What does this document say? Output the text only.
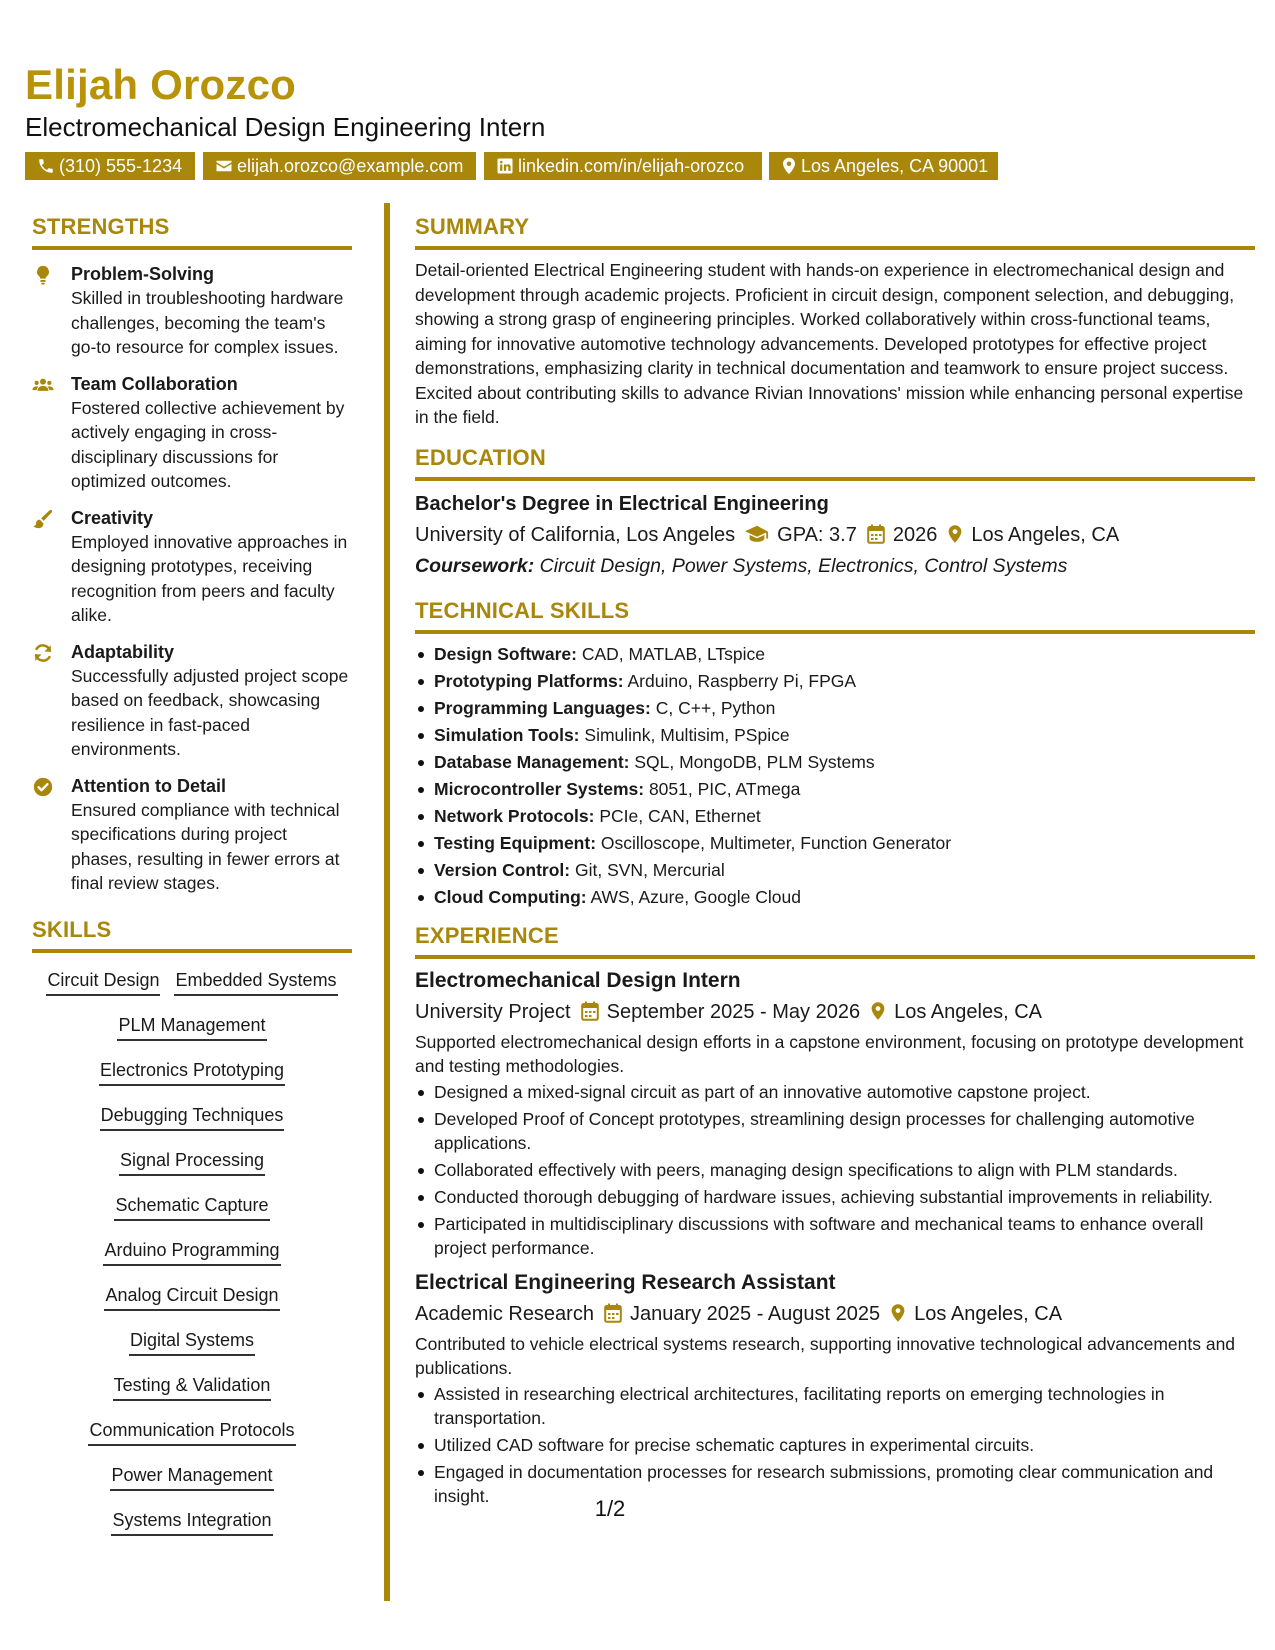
Elijah Orozco
Electromechanical Design Engineering Intern
(310) 555-1234	elijah.orozco@example.com	linkedin.com/in/elijah-orozco	Los Angeles, CA 90001
STRENGTHS
Problem-Solving
Skilled in troubleshooting hardware challenges, becoming the team's go-to resource for complex issues.
Team Collaboration
Fostered collective achievement by actively engaging in cross-disciplinary discussions for optimized outcomes.
Creativity
Employed innovative approaches in designing prototypes, receiving recognition from peers and faculty alike.
Adaptability
Successfully adjusted project scope based on feedback, showcasing resilience in fast-paced environments.
Attention to Detail
Ensured compliance with technical specifications during project phases, resulting in fewer errors at final review stages.
SKILLS
Circuit Design Embedded Systems
PLM Management
Electronics Prototyping
Debugging Techniques
Signal Processing
Schematic Capture
Arduino Programming
Analog Circuit Design
Digital Systems
Testing & Validation
Communication Protocols
Power Management
Systems Integration
SUMMARY
Detail-oriented Electrical Engineering student with hands-on experience in electromechanical design and development through academic projects. Proficient in circuit design, component selection, and debugging, showing a strong grasp of engineering principles. Worked collaboratively within cross-functional teams, aiming for innovative automotive technology advancements. Developed prototypes for effective project demonstrations, emphasizing clarity in technical documentation and teamwork to ensure project success. Excited about contributing skills to advance Rivian Innovations' mission while enhancing personal expertise in the field.
EDUCATION
Bachelor's Degree in Electrical Engineering
University of California, Los Angeles GPA: 3.7 2026 Los Angeles, CA
Coursework: Circuit Design, Power Systems, Electronics, Control Systems
TECHNICAL SKILLS
Design Software: CAD, MATLAB, LTspice
Prototyping Platforms: Arduino, Raspberry Pi, FPGA
Programming Languages: C, C++, Python
Simulation Tools: Simulink, Multisim, PSpice
Database Management: SQL, MongoDB, PLM Systems
Microcontroller Systems: 8051, PIC, ATmega
Network Protocols: PCIe, CAN, Ethernet
Testing Equipment: Oscilloscope, Multimeter, Function Generator
Version Control: Git, SVN, Mercurial
Cloud Computing: AWS, Azure, Google Cloud
EXPERIENCE
Electromechanical Design Intern
University Project September 2025 - May 2026 Los Angeles, CA
Supported electromechanical design efforts in a capstone environment, focusing on prototype development and testing methodologies.
Designed a mixed-signal circuit as part of an innovative automotive capstone project.
Developed Proof of Concept prototypes, streamlining design processes for challenging automotive applications.
Collaborated effectively with peers, managing design specifications to align with PLM standards.
Conducted thorough debugging of hardware issues, achieving substantial improvements in reliability.
Participated in multidisciplinary discussions with software and mechanical teams to enhance overall project performance.
Electrical Engineering Research Assistant
Academic Research January 2025 - August 2025 Los Angeles, CA
Contributed to vehicle electrical systems research, supporting innovative technological advancements and publications.
Assisted in researching electrical architectures, facilitating reports on emerging technologies in transportation.
Utilized CAD software for precise schematic captures in experimental circuits.
Engaged in documentation processes for research submissions, promoting clear communication and insight.
1/2
